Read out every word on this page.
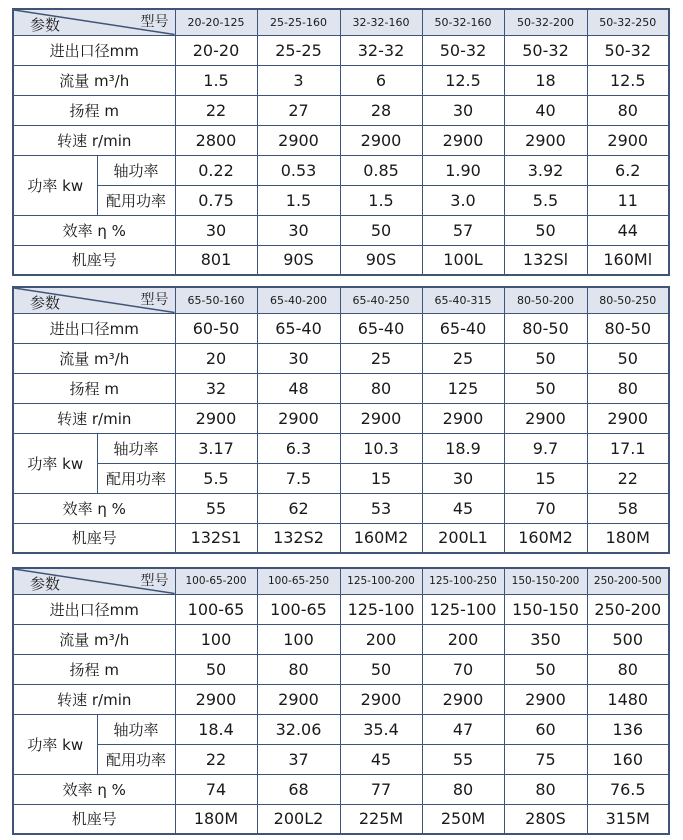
型号
参数		20-20-125	25-25-160	32-32-160	50-32-160	50-32-200	50-32-250
进出口径mm		20-20	25-25	32-32	50-32	50-32	50-32
流量 m³/h		1.5	3	6	12.5	18	12.5
扬程 m		22	27	28	30	40	80
转速 r/min		2800	2900	2900	2900	2900	2900
功率 kw	轴功率	0.22	0.53	0.85	1.90	3.92	6.2
	配用功率	0.75	1.5	1.5	3.0	5.5	11
效率 η %		30	30	50	57	50	44
机座号		801	90S	90S	100L	132Sl	160Ml
型号
参数		65-50-160	65-40-200	65-40-250	65-40-315	80-50-200	80-50-250
进出口径mm		60-50	65-40	65-40	65-40	80-50	80-50
流量 m³/h		20	30	25	25	50	50
扬程 m		32	48	80	125	50	80
转速 r/min		2900	2900	2900	2900	2900	2900
功率 kw	轴功率	3.17	6.3	10.3	18.9	9.7	17.1
	配用功率	5.5	7.5	15	30	15	22
效率 η %		55	62	53	45	70	58
机座号		132S1	132S2	160M2	200L1	160M2	180M
型号
参数		100-65-200	100-65-250	125-100-200	125-100-250	150-150-200	250-200-500
进出口径mm		100-65	100-65	125-100	125-100	150-150	250-200
流量 m³/h		100	100	200	200	350	500
扬程 m		50	80	50	70	50	80
转速 r/min		2900	2900	2900	2900	2900	1480
功率 kw	轴功率	18.4	32.06	35.4	47	60	136
	配用功率	22	37	45	55	75	160
效率 η %		74	68	77	80	80	76.5
机座号		180M	200L2	225M	250M	280S	315M
